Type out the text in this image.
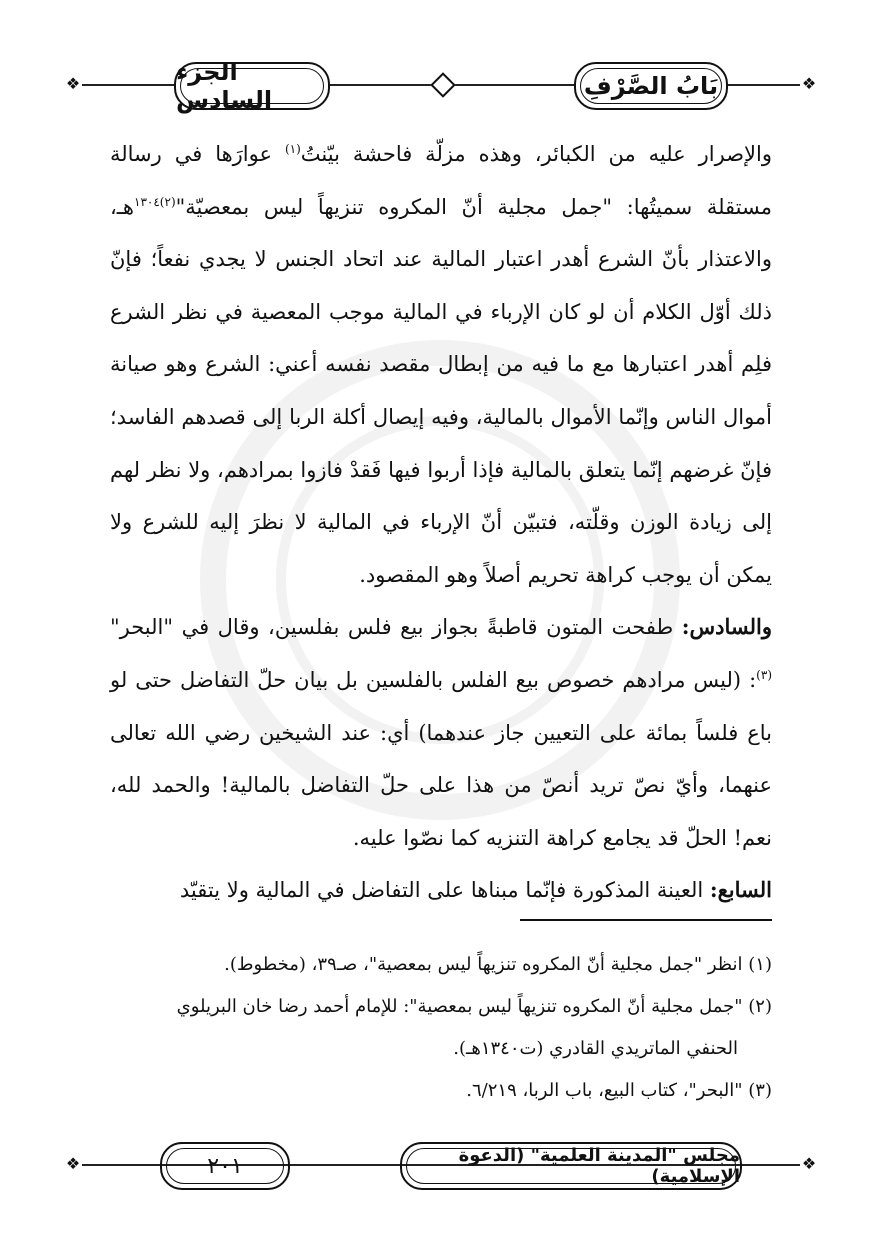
❖	❖
الجزء السادس	بَابُ الصَّرْفِ

والإصرار عليه من الكبائر، وهذه مزلّة فاحشة بيّنتُ$^{(١)}$ عوارَها في رسالة مستقلة سميتُها: "جمل مجلية أنّ المكروه تنزيهاً ليس بمعصيّة"$^{(٢)١٣٠٤}$هـ، والاعتذار بأنّ الشرع أهدر اعتبار المالية عند اتحاد الجنس لا يجدي نفعاً؛ فإنّ ذلك أوّل الكلام أن لو كان الإرباء في المالية موجب المعصية في نظر الشرع فلِم أهدر اعتبارها مع ما فيه من إبطال مقصد نفسه أعني: الشرع وهو صيانة أموال الناس وإنّما الأموال بالمالية، وفيه إيصال أكلة الربا إلى قصدهم الفاسد؛ فإنّ غرضهم إنّما يتعلق بالمالية فإذا أربوا فيها فَقدْ فازوا بمرادهم، ولا نظر لهم إلى زيادة الوزن وقلّته، فتبيّن أنّ الإرباء في المالية لا نظرَ إليه للشرع ولا يمكن أن يوجب كراهة تحريم أصلاً وهو المقصود.

والسادس: طفحت المتون قاطبةً بجواز بيع فلس بفلسين، وقال في "البحر"$^{(٣)}$: (ليس مرادهم خصوص بيع الفلس بالفلسين بل بيان حلّ التفاضل حتى لو باع فلساً بمائة على التعيين جاز عندهما) أي: عند الشيخين رضي الله تعالى عنهما، وأيّ نصّ تريد أنصّ من هذا على حلّ التفاضل بالمالية! والحمد لله، نعم! الحلّ قد يجامع كراهة التنزيه كما نصّوا عليه.

السابع: العينة المذكورة فإنّما مبناها على التفاضل في المالية ولا يتقيّد

(١) انظر "جمل مجلية أنّ المكروه تنزيهاً ليس بمعصية"، صـ٣٩، (مخطوط).
(٢) "جمل مجلية أنّ المكروه تنزيهاً ليس بمعصية": للإمام أحمد رضا خان البريلوي
الحنفي الماتريدي القادري (ت١٣٤٠هـ).
(٣) "البحر"، كتاب البيع، باب الربا، ٦/٢١٩.
❖	❖
٢٠١	مجلس "المدينة العلمية" (الدعوة الإسلامية)
